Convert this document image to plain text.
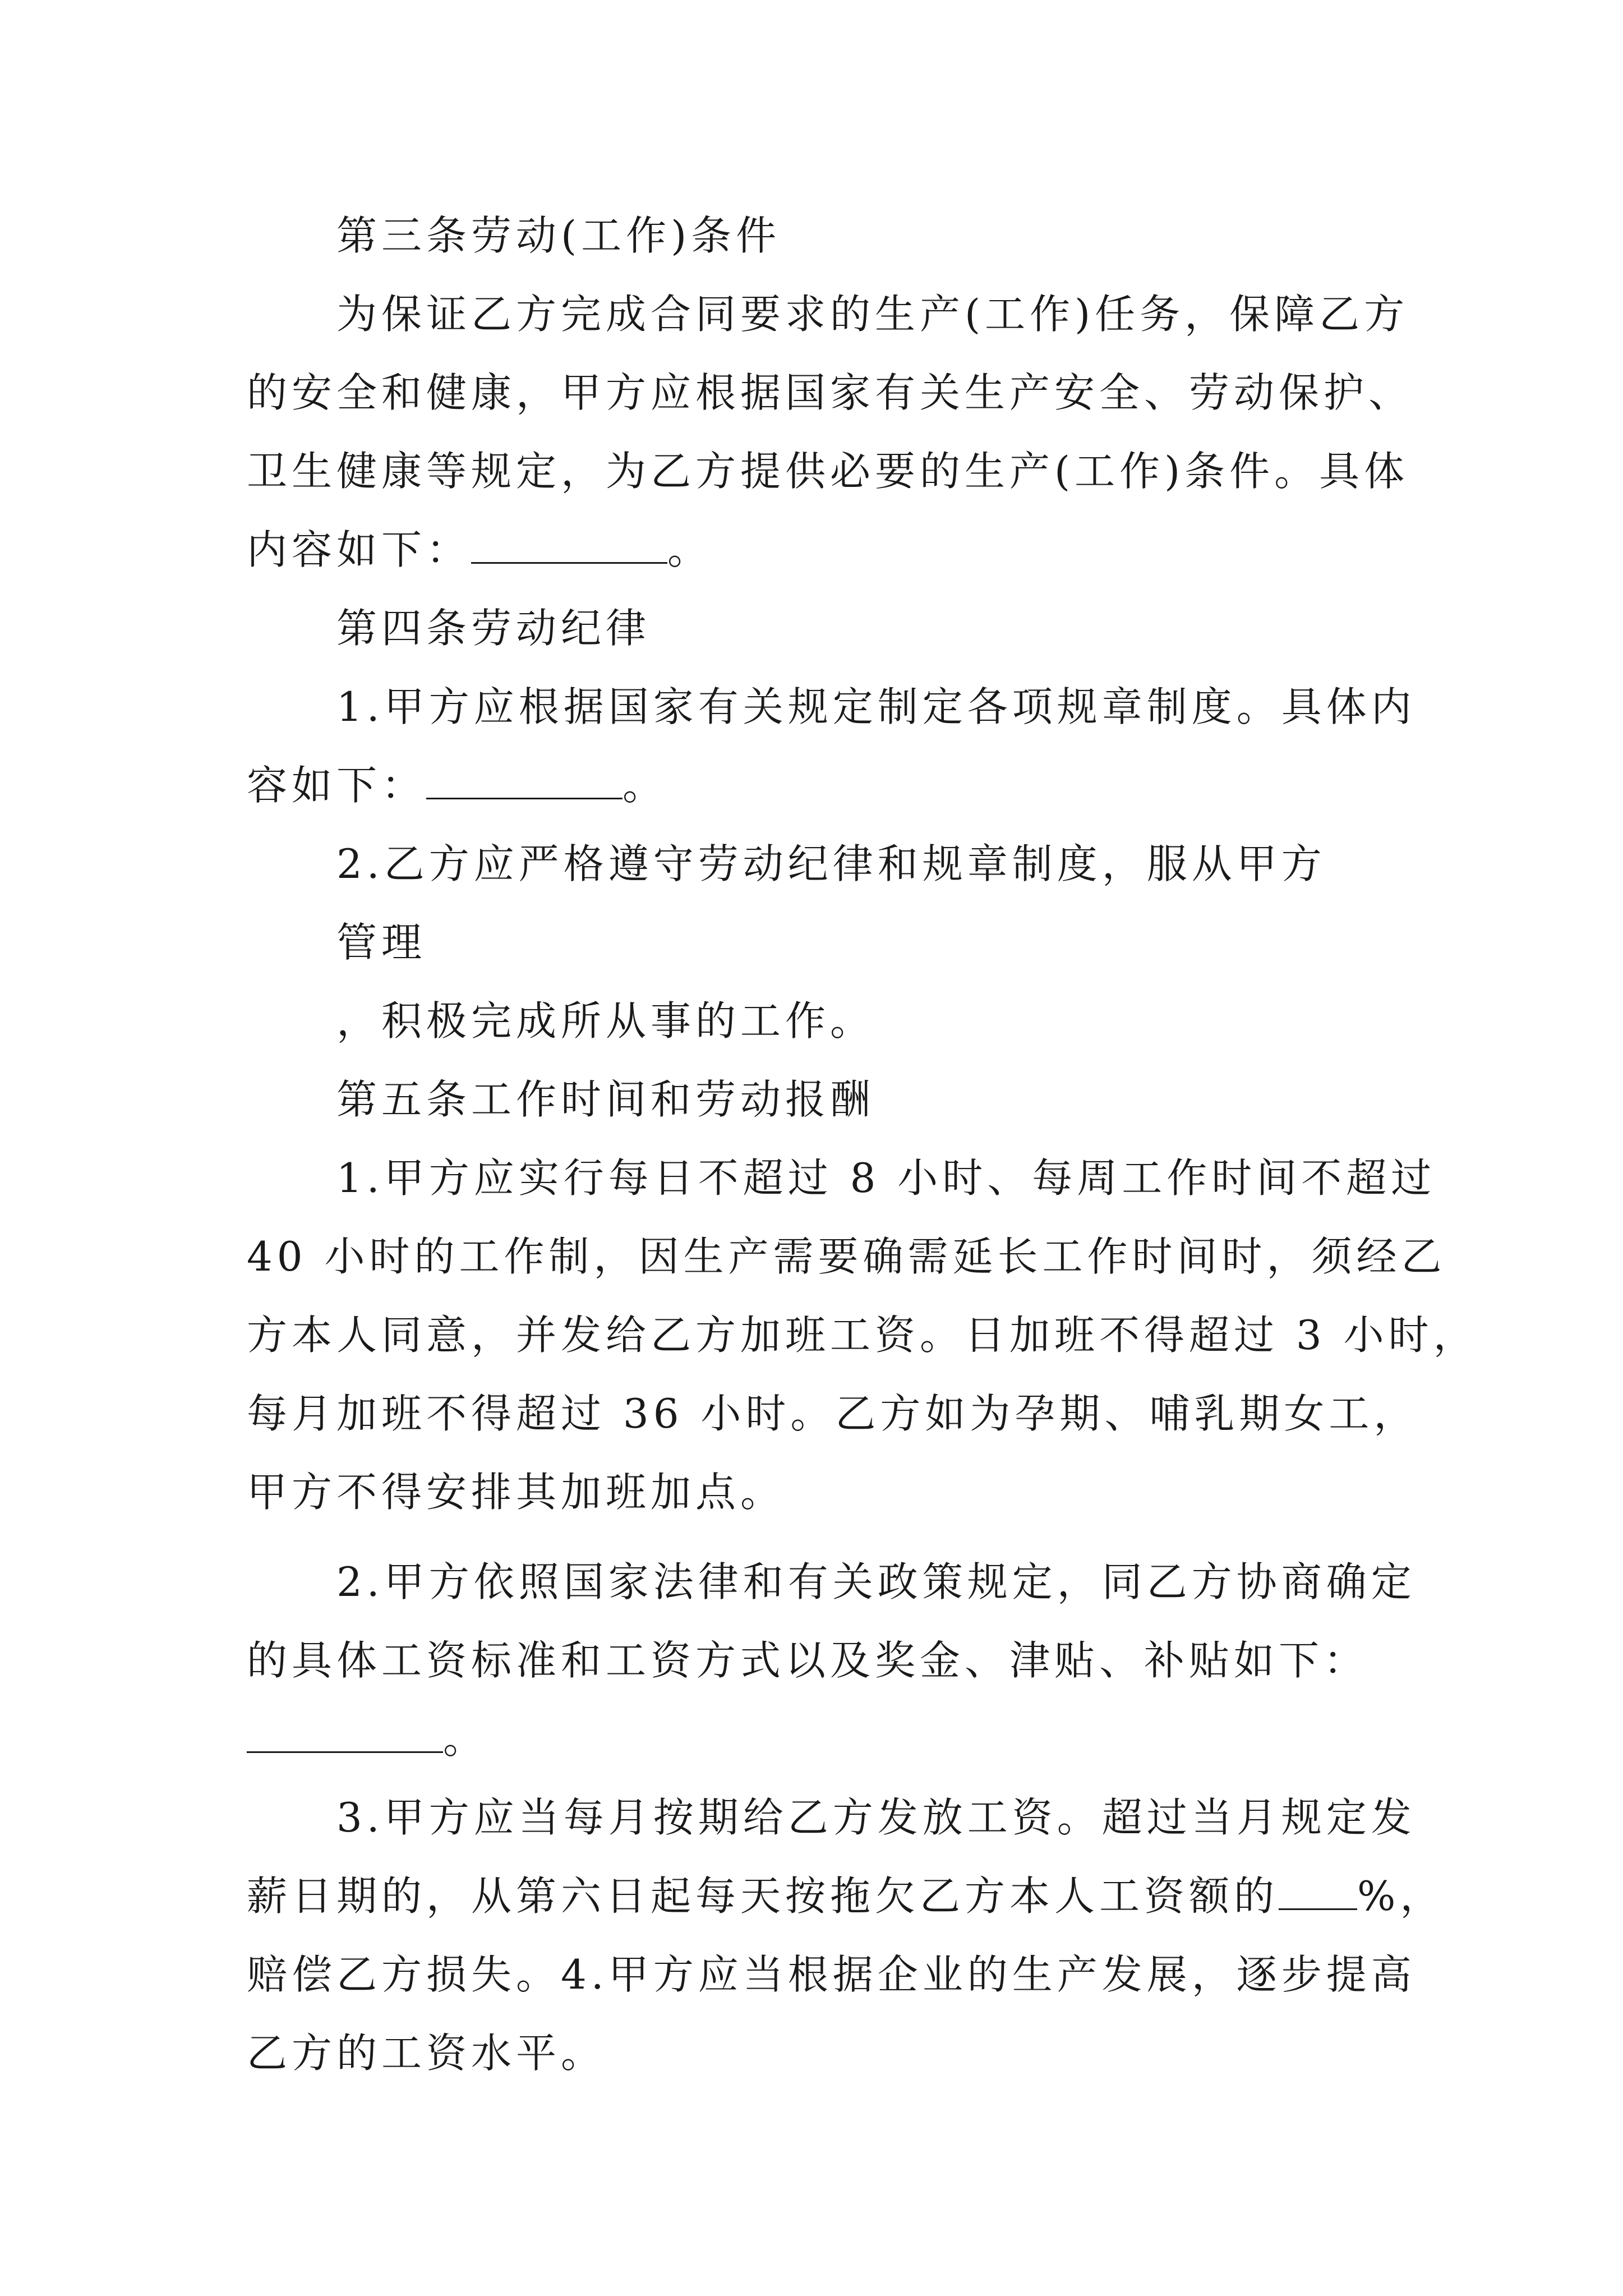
第三条劳动(工作)条件
为保证乙方完成合同要求的生产(工作)任务，保障乙方
的安全和健康，甲方应根据国家有关生产安全、劳动保护、
卫生健康等规定，为乙方提供必要的生产(工作)条件。具体
内容如下：	。
第四条劳动纪律
1.甲方应根据国家有关规定制定各项规章制度。具体内
容如下：	。
2.乙方应严格遵守劳动纪律和规章制度，服从甲方
管理
，积极完成所从事的工作。
第五条工作时间和劳动报酬
1.甲方应实行每日不超过 8 小时、每周工作时间不超过
40 小时的工作制，因生产需要确需延长工作时间时，须经乙
方本人同意，并发给乙方加班工资。日加班不得超过 3 小时，
每月加班不得超过 36 小时。乙方如为孕期、哺乳期女工，
甲方不得安排其加班加点。
2.甲方依照国家法律和有关政策规定，同乙方协商确定
的具体工资标准和工资方式以及奖金、津贴、补贴如下：
。
3.甲方应当每月按期给乙方发放工资。超过当月规定发
薪日期的，从第六日起每天按拖欠乙方本人工资额的 %，
赔偿乙方损失。4.甲方应当根据企业的生产发展，逐步提高
乙方的工资水平。
